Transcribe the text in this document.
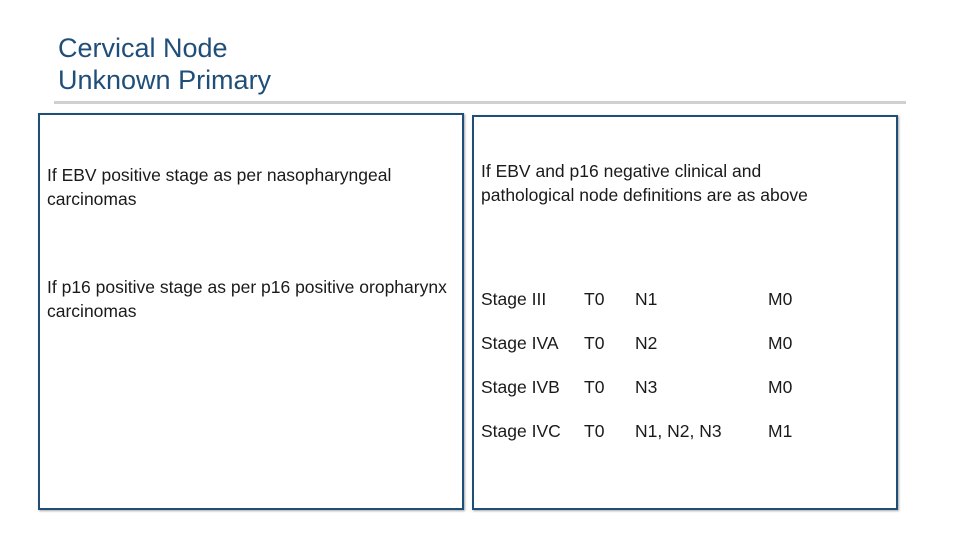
Cervical Node
Unknown Primary

If EBV positive stage as per nasopharyngeal carcinomas

If p16 positive stage as per p16 positive oropharynx carcinomas

If EBV and p16 negative clinical and pathological node definitions are as above

Stage III	T0	N1	M0
Stage IVA	T0	N2	M0
Stage IVB	T0	N3	M0
Stage IVC	T0	N1, N2, N3	M1
